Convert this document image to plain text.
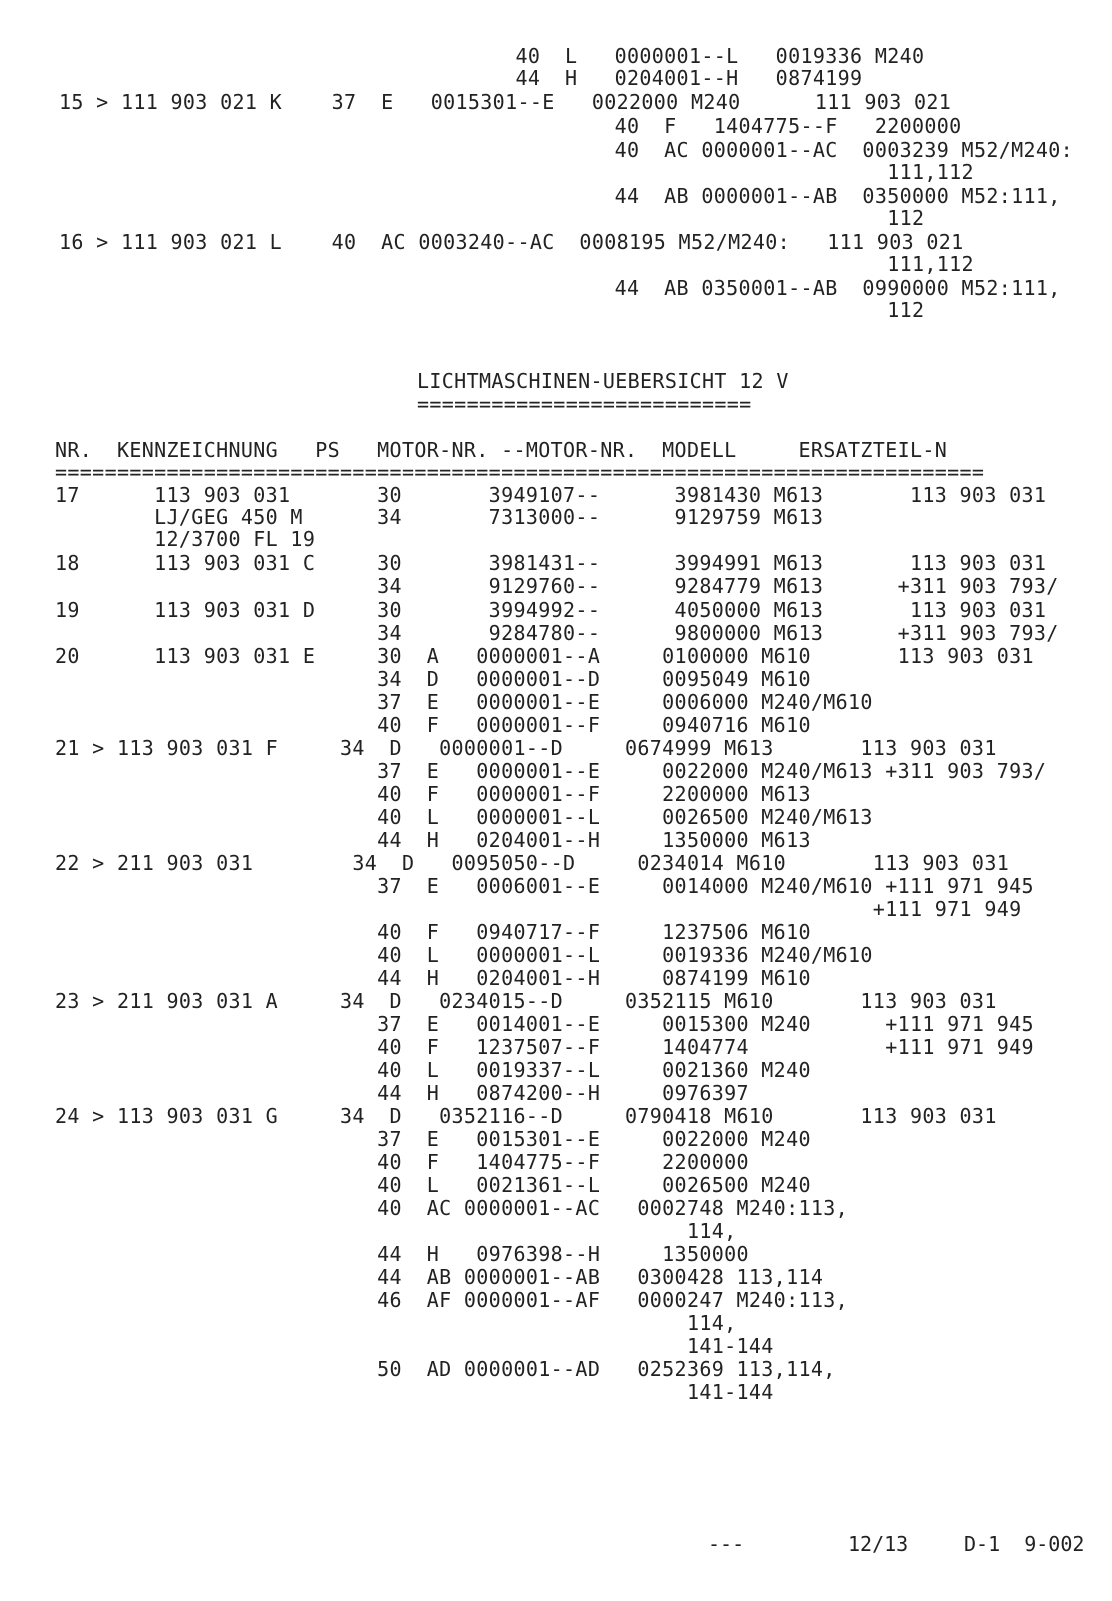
40  L   0000001--L   0019336 M240
44  H   0204001--H   0874199
15 > 111 903 021 K    37  E   0015301--E   0022000 M240      111 903 021
40  F   1404775--F   2200000
40  AC 0000001--AC  0003239 M52/M240:
111,112
44  AB 0000001--AB  0350000 M52:111,
112
16 > 111 903 021 L    40  AC 0003240--AC  0008195 M52/M240:   111 903 021
111,112
44  AB 0350001--AB  0990000 M52:111,
112
LICHTMASCHINEN-UEBERSICHT 12 V
===========================
NR.  KENNZEICHNUNG   PS   MOTOR-NR. --MOTOR-NR.  MODELL     ERSATZTEIL-N
===========================================================================
17      113 903 031       30       3949107--      3981430 M613       113 903 031
LJ/GEG 450 M      34       7313000--      9129759 M613
12/3700 FL 19
18      113 903 031 C     30       3981431--      3994991 M613       113 903 031
34       9129760--      9284779 M613      +311 903 793/
19      113 903 031 D     30       3994992--      4050000 M613       113 903 031
34       9284780--      9800000 M613      +311 903 793/
20      113 903 031 E     30  A   0000001--A     0100000 M610       113 903 031
34  D   0000001--D     0095049 M610
37  E   0000001--E     0006000 M240/M610
40  F   0000001--F     0940716 M610
21 > 113 903 031 F     34  D   0000001--D     0674999 M613       113 903 031
37  E   0000001--E     0022000 M240/M613 +311 903 793/
40  F   0000001--F     2200000 M613
40  L   0000001--L     0026500 M240/M613
44  H   0204001--H     1350000 M613
22 > 211 903 031        34  D   0095050--D     0234014 M610       113 903 031
37  E   0006001--E     0014000 M240/M610 +111 971 945
+111 971 949
40  F   0940717--F     1237506 M610
40  L   0000001--L     0019336 M240/M610
44  H   0204001--H     0874199 M610
23 > 211 903 031 A     34  D   0234015--D     0352115 M610       113 903 031
37  E   0014001--E     0015300 M240      +111 971 945
40  F   1237507--F     1404774           +111 971 949
40  L   0019337--L     0021360 M240
44  H   0874200--H     0976397
24 > 113 903 031 G     34  D   0352116--D     0790418 M610       113 903 031
37  E   0015301--E     0022000 M240
40  F   1404775--F     2200000
40  L   0021361--L     0026500 M240
40  AC 0000001--AC   0002748 M240:113,
114,
44  H   0976398--H     1350000
44  AB 0000001--AB   0300428 113,114
46  AF 0000001--AF   0000247 M240:113,
114,
141-144
50  AD 0000001--AD   0252369 113,114,
141-144
---	12/13	D-1  9-002
